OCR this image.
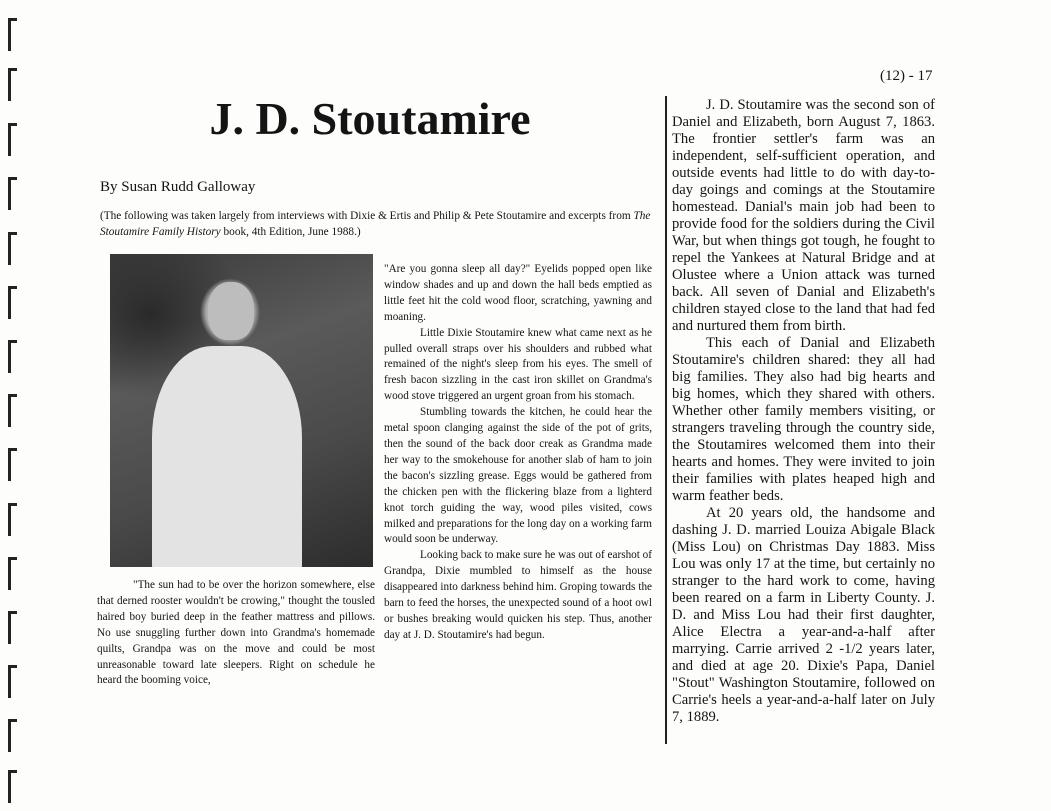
(12) - 17
J. D. Stoutamire
By Susan Rudd Galloway
(The following was taken largely from interviews with Dixie & Ertis and Philip & Pete Stoutamire and excerpts from The Stoutamire Family History book, 4th Edition, June 1988.)

"The sun had to be over the horizon somewhere, else that derned rooster wouldn't be crowing," thought the tousled haired boy buried deep in the feather mattress and pillows. No use snuggling further down into Grandma's homemade quilts, Grandpa was on the move and could be most unreasonable toward late sleepers. Right on schedule he heard the booming voice,

"Are you gonna sleep all day?" Eyelids popped open like window shades and up and down the hall beds emptied as little feet hit the cold wood floor, scratching, yawning and moaning.

Little Dixie Stoutamire knew what came next as he pulled overall straps over his shoulders and rubbed what remained of the night's sleep from his eyes. The smell of fresh bacon sizzling in the cast iron skillet on Grandma's wood stove triggered an urgent groan from his stomach.

Stumbling towards the kitchen, he could hear the metal spoon clanging against the side of the pot of grits, then the sound of the back door creak as Grandma made her way to the smokehouse for another slab of ham to join the bacon's sizzling grease. Eggs would be gathered from the chicken pen with the flickering blaze from a lighterd knot torch guiding the way, wood piles visited, cows milked and preparations for the long day on a working farm would soon be underway.

Looking back to make sure he was out of earshot of Grandpa, Dixie mumbled to himself as the house disappeared into darkness behind him. Groping towards the barn to feed the horses, the unexpected sound of a hoot owl or bushes breaking would quicken his step. Thus, another day at J. D. Stoutamire's had begun.

J. D. Stoutamire was the second son of Daniel and Elizabeth, born August 7, 1863. The frontier settler's farm was an independent, self-sufficient operation, and outside events had little to do with day-to-day goings and comings at the Stoutamire homestead. Danial's main job had been to provide food for the soldiers during the Civil War, but when things got tough, he fought to repel the Yankees at Natural Bridge and at Olustee where a Union attack was turned back. All seven of Danial and Elizabeth's children stayed close to the land that had fed and nurtured them from birth.

This each of Danial and Elizabeth Stoutamire's children shared: they all had big families. They also had big hearts and big homes, which they shared with others. Whether other family members visiting, or strangers traveling through the country side, the Stoutamires welcomed them into their hearts and homes. They were invited to join their families with plates heaped high and warm feather beds.

At 20 years old, the handsome and dashing J. D. married Louiza Abigale Black (Miss Lou) on Christmas Day 1883. Miss Lou was only 17 at the time, but certainly no stranger to the hard work to come, having been reared on a farm in Liberty County. J. D. and Miss Lou had their first daughter, Alice Electra a year-and-a-half after marrying. Carrie arrived 2 -1/2 years later, and died at age 20. Dixie's Papa, Daniel "Stout" Washington Stoutamire, followed on Carrie's heels a year-and-a-half later on July 7, 1889.
